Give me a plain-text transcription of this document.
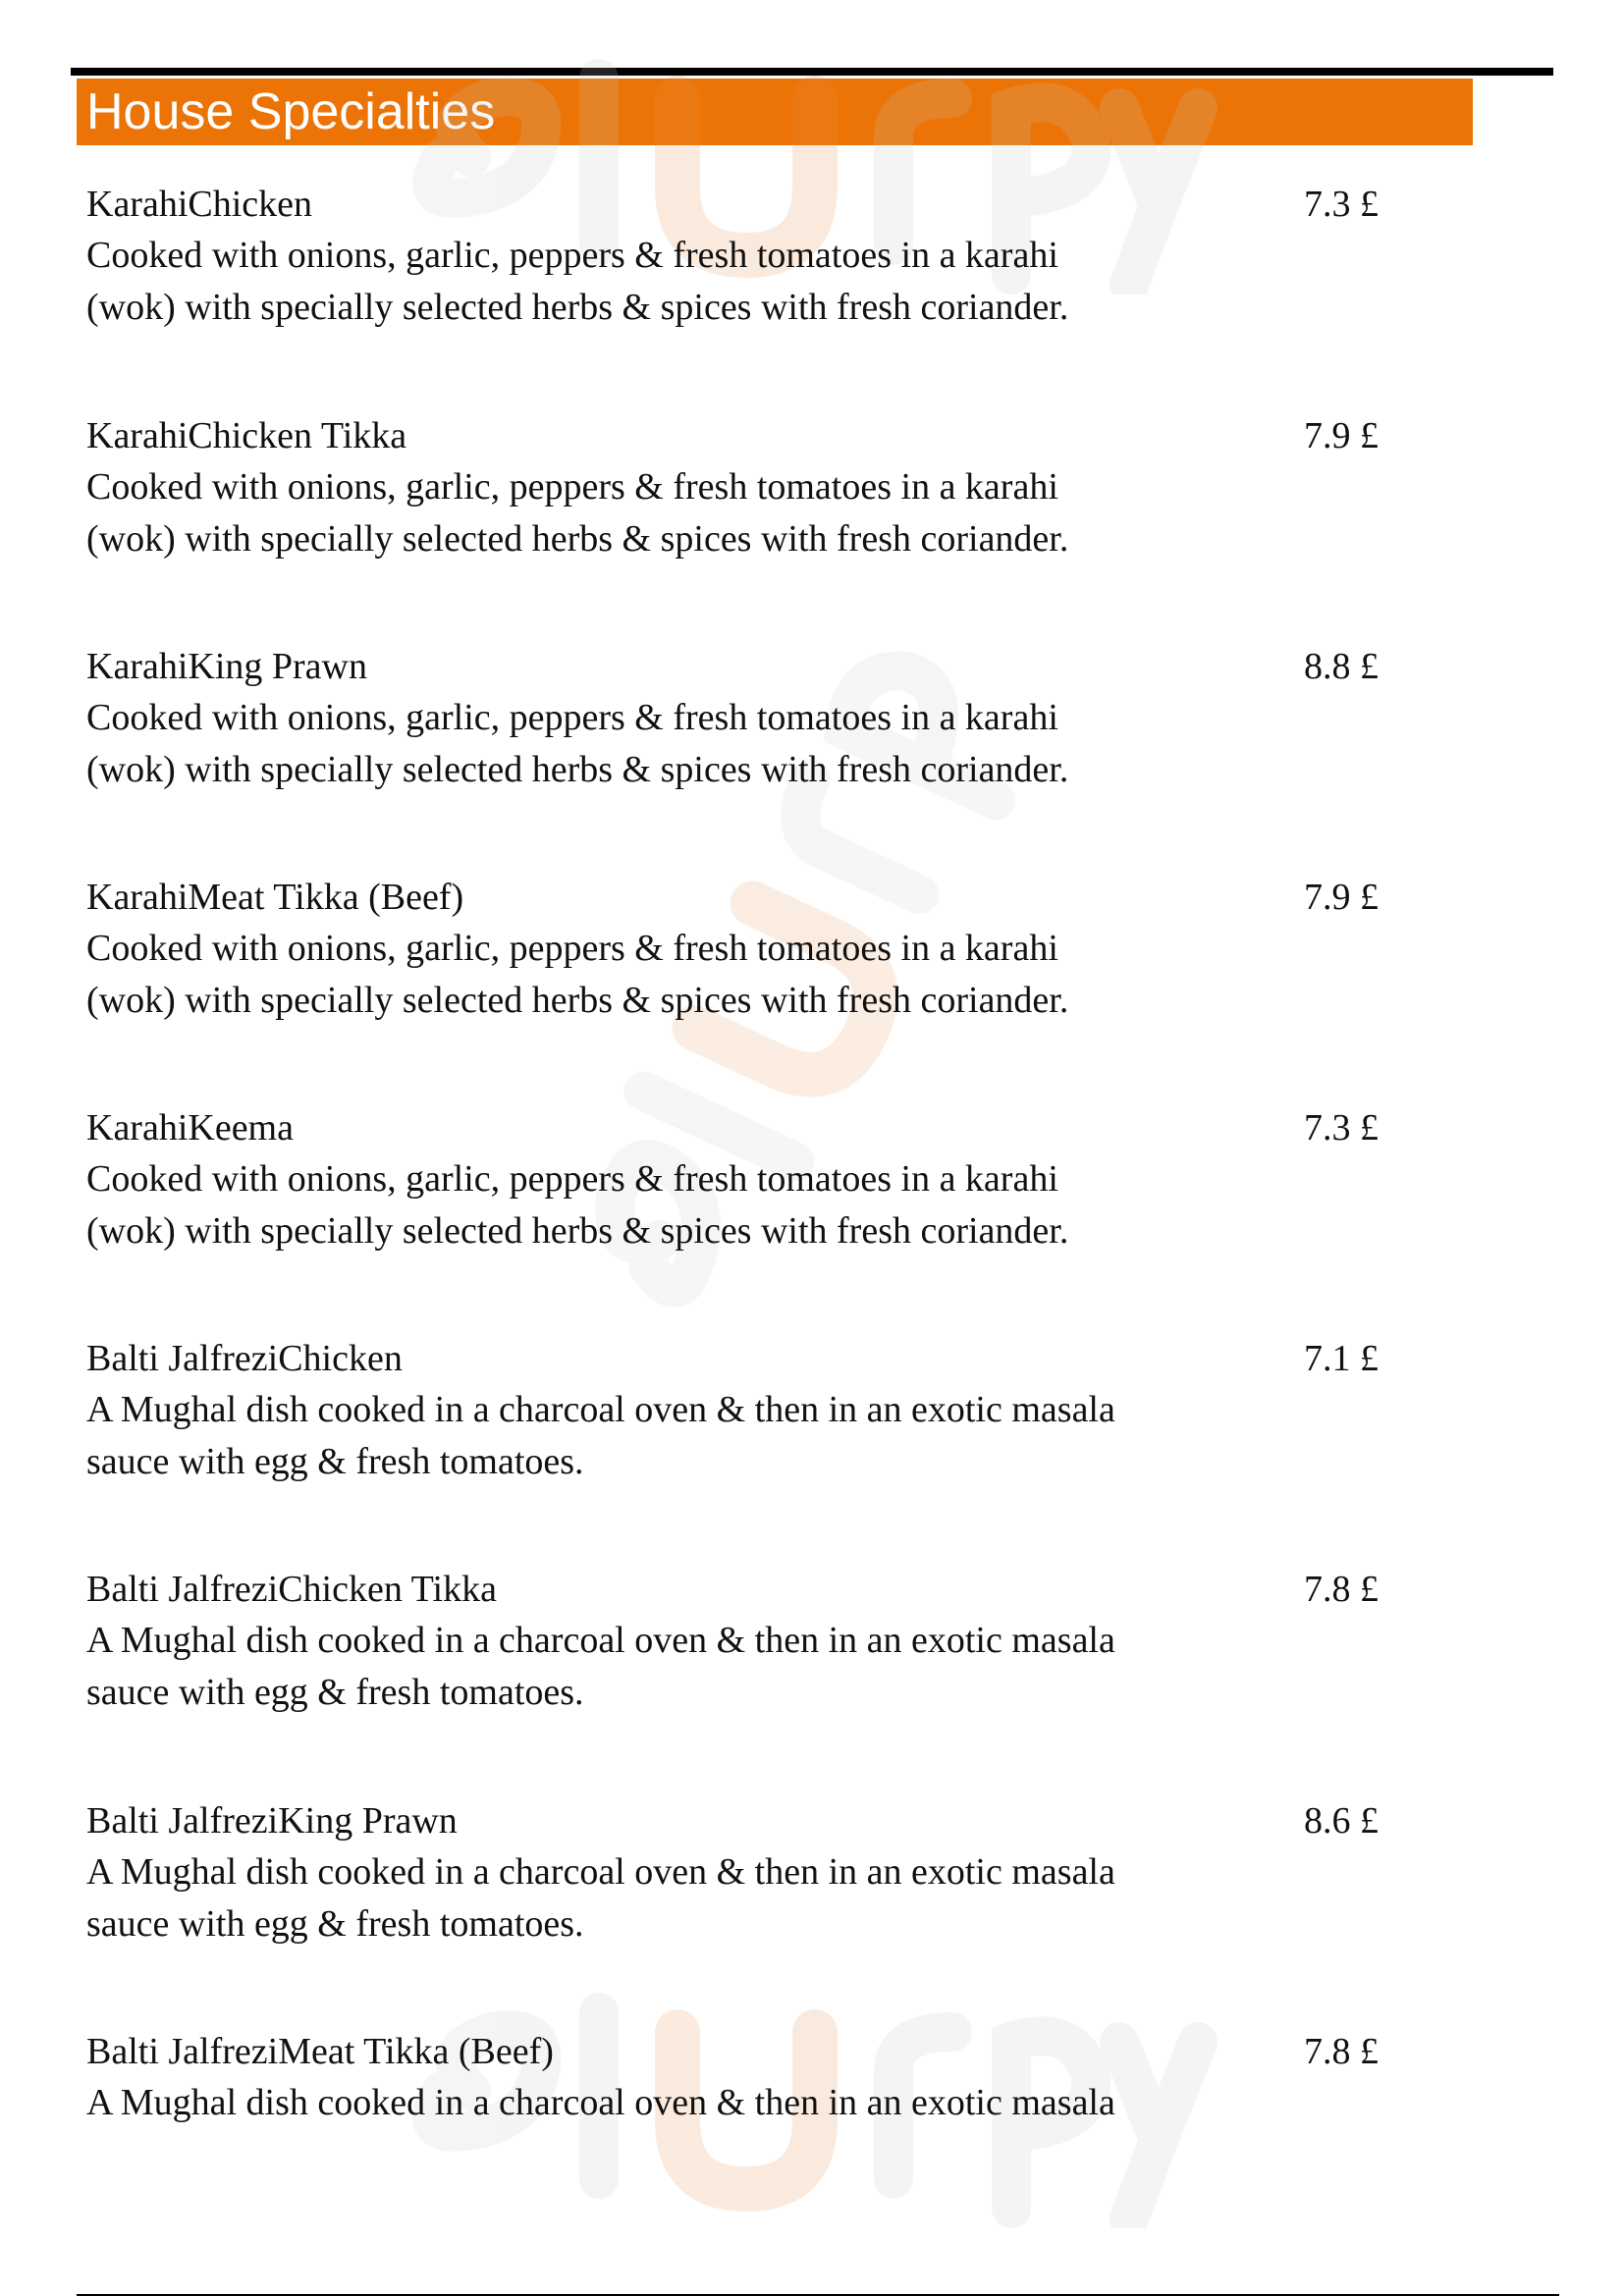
House Specialties
KarahiChicken	7.3 £
Cooked with onions, garlic, peppers & fresh tomatoes in a karahi
(wok) with specially selected herbs & spices with fresh coriander.
KarahiChicken Tikka	7.9 £
Cooked with onions, garlic, peppers & fresh tomatoes in a karahi
(wok) with specially selected herbs & spices with fresh coriander.
KarahiKing Prawn	8.8 £
Cooked with onions, garlic, peppers & fresh tomatoes in a karahi
(wok) with specially selected herbs & spices with fresh coriander.
KarahiMeat Tikka (Beef)	7.9 £
Cooked with onions, garlic, peppers & fresh tomatoes in a karahi
(wok) with specially selected herbs & spices with fresh coriander.
KarahiKeema	7.3 £
Cooked with onions, garlic, peppers & fresh tomatoes in a karahi
(wok) with specially selected herbs & spices with fresh coriander.
Balti JalfreziChicken	7.1 £
A Mughal dish cooked in a charcoal oven & then in an exotic masala
sauce with egg & fresh tomatoes.
Balti JalfreziChicken Tikka	7.8 £
A Mughal dish cooked in a charcoal oven & then in an exotic masala
sauce with egg & fresh tomatoes.
Balti JalfreziKing Prawn	8.6 £
A Mughal dish cooked in a charcoal oven & then in an exotic masala
sauce with egg & fresh tomatoes.
Balti JalfreziMeat Tikka (Beef)	7.8 £
A Mughal dish cooked in a charcoal oven & then in an exotic masala
